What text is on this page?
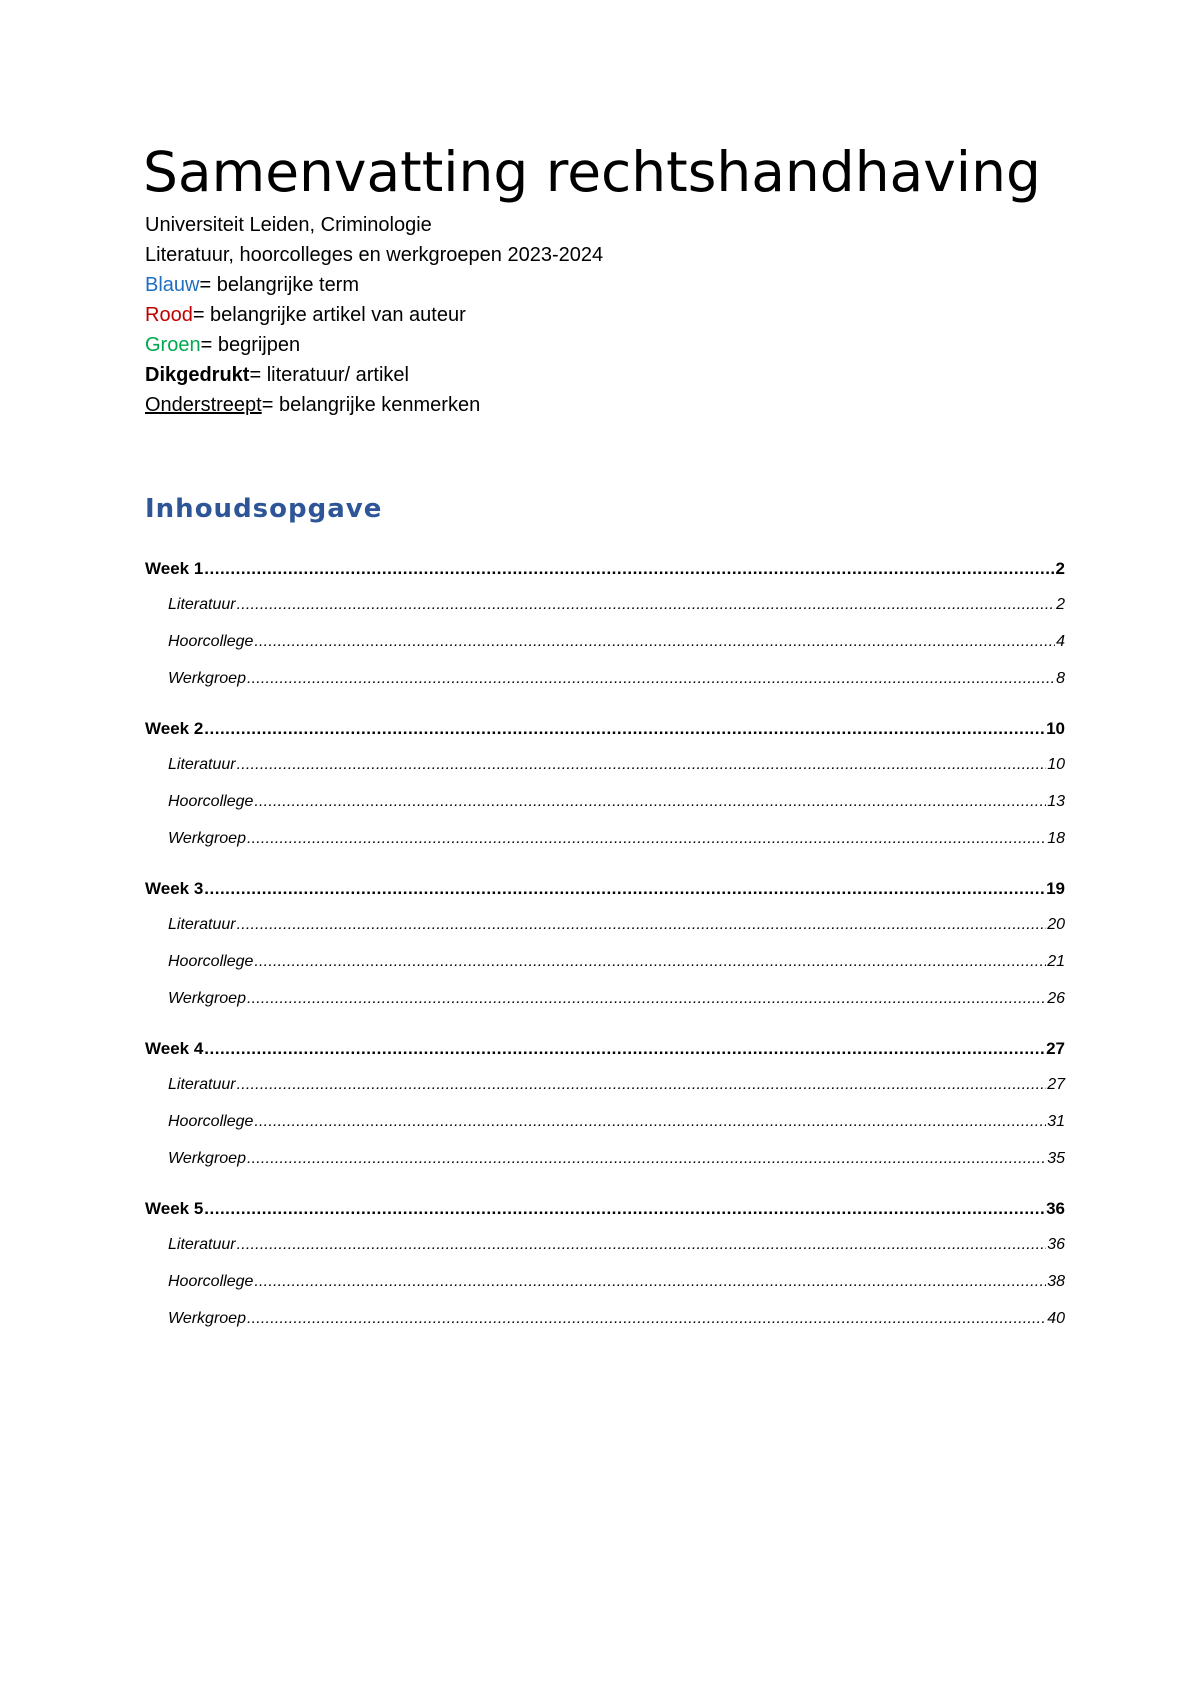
Samenvatting rechtshandhaving
Universiteit Leiden, Criminologie
Literatuur, hoorcolleges en werkgroepen 2023-2024
Blauw= belangrijke term
Rood= belangrijke artikel van auteur
Groen= begrijpen
Dikgedrukt= literatuur/ artikel
Onderstreept= belangrijke kenmerken
Inhoudsopgave
Week 1 .....	2
Literatuur .....	2
Hoorcollege .....	4
Werkgroep .....	8
Week 2 .....	10
Literatuur .....	10
Hoorcollege .....	13
Werkgroep .....	18
Week 3 .....	19
Literatuur .....	20
Hoorcollege .....	21
Werkgroep .....	26
Week 4 .....	27
Literatuur .....	27
Hoorcollege .....	31
Werkgroep .....	35
Week 5 .....	36
Literatuur .....	36
Hoorcollege .....	38
Werkgroep .....	40
